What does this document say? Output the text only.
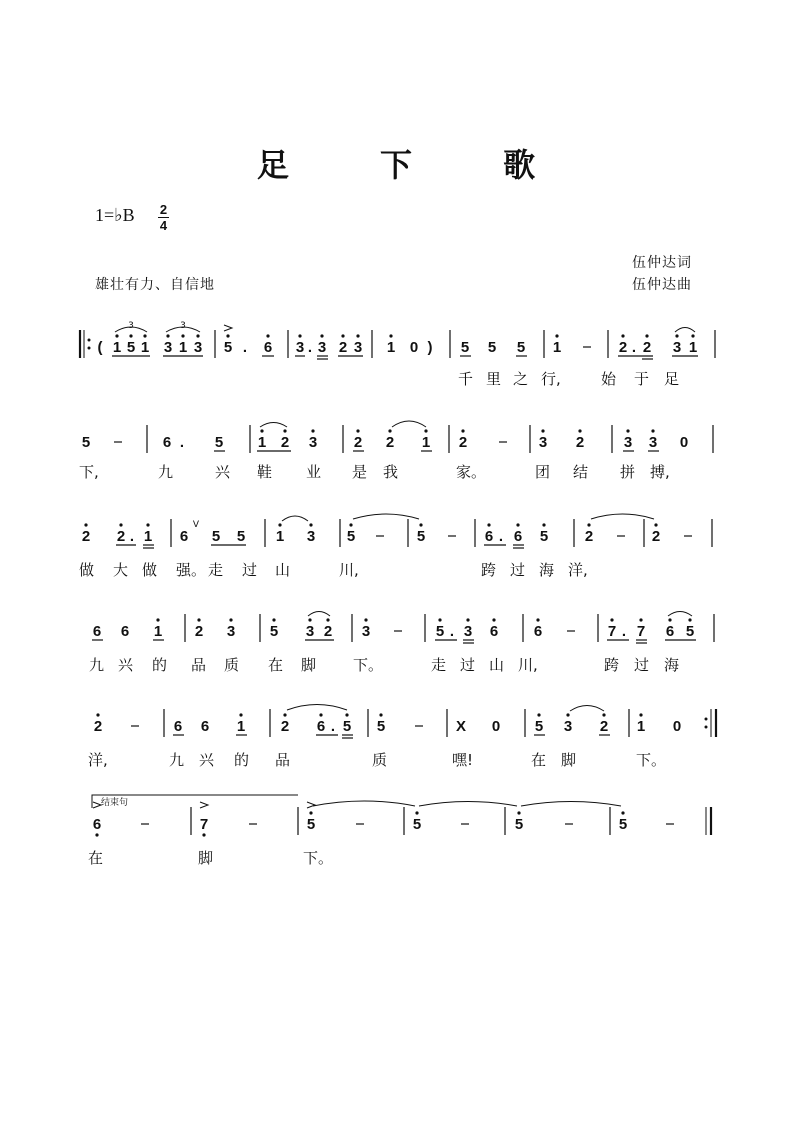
足 下 歌
1=♭B 2
4
伍仲达词
伍仲达曲
雄壮有力、自信地
( 1 5 1
3
3 1 3
3
5 . 6 3 . 3 2 3 1 0 ) 5 5 5 1	2 . 2 3 1
5	6 . 5 1 2 3 2 2 1 2	3 2	3 3 0
2 2 . 1 6
V
5 5 1 3 5	5	6 . 6 5 2	2
6 6 1 2 3 5 3 2 3	5 . 3 6 6	7 . 7 6 5
2	6 6 1 2 6 . 5 5	X 0 5 3 2 1 0
结束句
6	7	5	5	5	5
千 里 之 行,	始 于 足
下,	九	兴 鞋 业 是 我	家。	团 结 拼 搏,
做 大 做 强。 走 过 山	川,	跨 过 海 洋,
九 兴 的 品 质 在 脚 下。	走 过 山 川,	跨 过 海
洋,	九 兴 的 品	质	嘿!	在 脚	下。
在	脚	下。
